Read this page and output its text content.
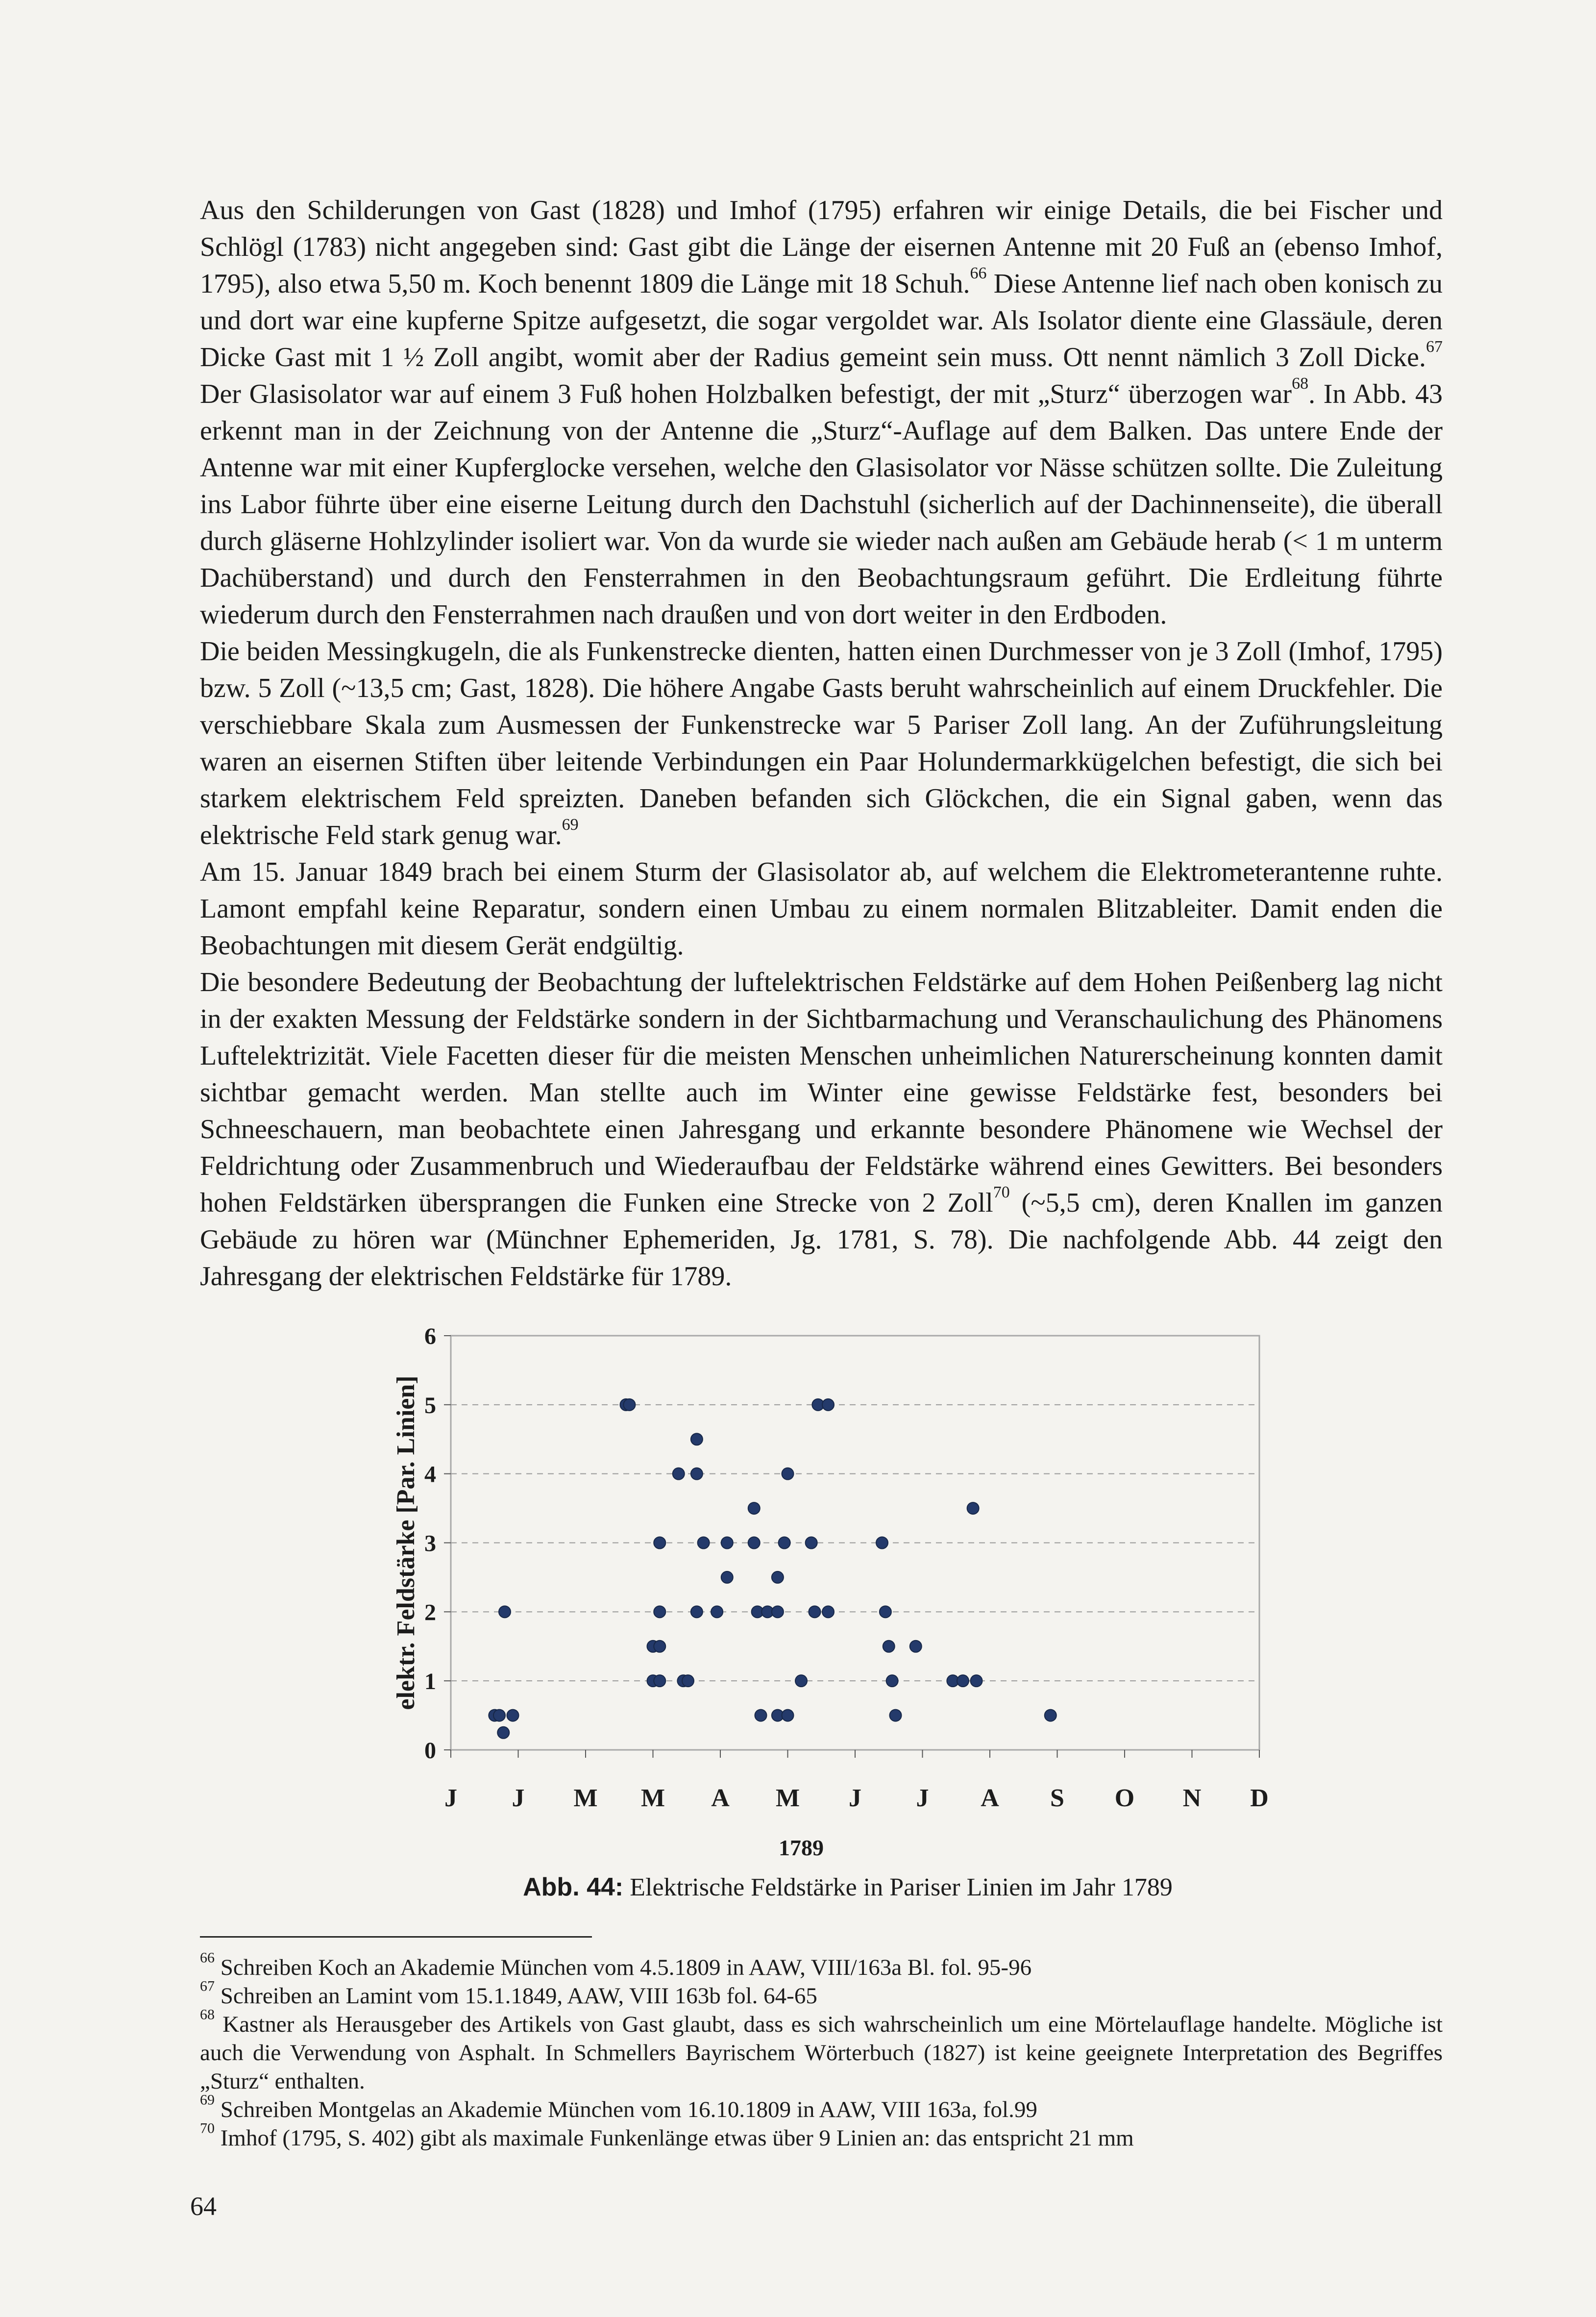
Aus den Schilderungen von Gast (1828) und Imhof (1795) erfahren wir einige Details, die bei Fischer und Schlögl (1783) nicht angegeben sind: Gast gibt die Länge der eisernen Antenne mit 20 Fuß an (ebenso Imhof, 1795), also etwa 5,50 m. Koch benennt 1809 die Länge mit 18 Schuh.$^{66}$ Diese Antenne lief nach oben konisch zu und dort war eine kupferne Spitze aufgesetzt, die sogar vergoldet war. Als Isolator diente eine Glassäule, deren Dicke Gast mit 1 ½ Zoll angibt, womit aber der Radius gemeint sein muss. Ott nennt nämlich 3 Zoll Dicke.$^{67}$ Der Glasisolator war auf einem 3 Fuß hohen Holzbalken befestigt, der mit „Sturz“ überzogen war$^{68}$. In Abb. 43 erkennt man in der Zeichnung von der Antenne die „Sturz“-Auflage auf dem Balken. Das untere Ende der Antenne war mit einer Kupferglocke versehen, welche den Glasisolator vor Nässe schützen sollte. Die Zuleitung ins Labor führte über eine eiserne Leitung durch den Dachstuhl (sicherlich auf der Dachinnenseite), die überall durch gläserne Hohlzylinder isoliert war. Von da wurde sie wieder nach außen am Gebäude herab (< 1 m unterm Dachüberstand) und durch den Fensterrahmen in den Beobachtungsraum geführt. Die Erdleitung führte wiederum durch den Fensterrahmen nach draußen und von dort weiter in den Erdboden.

Die beiden Messingkugeln, die als Funkenstrecke dienten, hatten einen Durchmesser von je 3 Zoll (Imhof, 1795) bzw. 5 Zoll (~13,5 cm; Gast, 1828). Die höhere Angabe Gasts beruht wahrscheinlich auf einem Druckfehler. Die verschiebbare Skala zum Ausmessen der Funkenstrecke war 5 Pariser Zoll lang. An der Zuführungsleitung waren an eisernen Stiften über leitende Verbindungen ein Paar Holundermarkkügelchen befestigt, die sich bei starkem elektrischem Feld spreizten. Daneben befanden sich Glöckchen, die ein Signal gaben, wenn das elektrische Feld stark genug war.$^{69}$

Am 15. Januar 1849 brach bei einem Sturm der Glasisolator ab, auf welchem die Elektrometerantenne ruhte. Lamont empfahl keine Reparatur, sondern einen Umbau zu einem normalen Blitzableiter. Damit enden die Beobachtungen mit diesem Gerät endgültig.

Die besondere Bedeutung der Beobachtung der luftelektrischen Feldstärke auf dem Hohen Peißenberg lag nicht in der exakten Messung der Feldstärke sondern in der Sichtbarmachung und Veranschaulichung des Phänomens Luftelektrizität. Viele Facetten dieser für die meisten Menschen unheimlichen Naturerscheinung konnten damit sichtbar gemacht werden. Man stellte auch im Winter eine gewisse Feldstärke fest, besonders bei Schneeschauern, man beobachtete einen Jahresgang und erkannte besondere Phänomene wie Wechsel der Feldrichtung oder Zusammenbruch und Wiederaufbau der Feldstärke während eines Gewitters. Bei besonders hohen Feldstärken übersprangen die Funken eine Strecke von 2 Zoll$^{70}$ (~5,5 cm), deren Knallen im ganzen Gebäude zu hören war (Münchner Ephemeriden, Jg. 1781, S. 78). Die nachfolgende Abb. 44 zeigt den Jahresgang der elektrischen Feldstärke für 1789.

0
1
2
3
4
5
6
J J M M A M J J A S O N D
1789
elektr. Feldstärke [Par. Linien]
Abb. 44: Elektrische Feldstärke in Pariser Linien im Jahr 1789

$^{66}$ Schreiben Koch an Akademie München vom 4.5.1809 in AAW, VIII/163a Bl. fol. 95-96

$^{67}$ Schreiben an Lamint vom 15.1.1849, AAW, VIII 163b fol. 64-65

$^{68}$ Kastner als Herausgeber des Artikels von Gast glaubt, dass es sich wahrscheinlich um eine Mörtelauflage handelte. Mögliche ist auch die Verwendung von Asphalt. In Schmellers Bayrischem Wörterbuch (1827) ist keine geeignete Interpretation des Begriffes „Sturz“ enthalten.

$^{69}$ Schreiben Montgelas an Akademie München vom 16.10.1809 in AAW, VIII 163a, fol.99

$^{70}$ Imhof (1795, S. 402) gibt als maximale Funkenlänge etwas über 9 Linien an: das entspricht 21 mm

64
